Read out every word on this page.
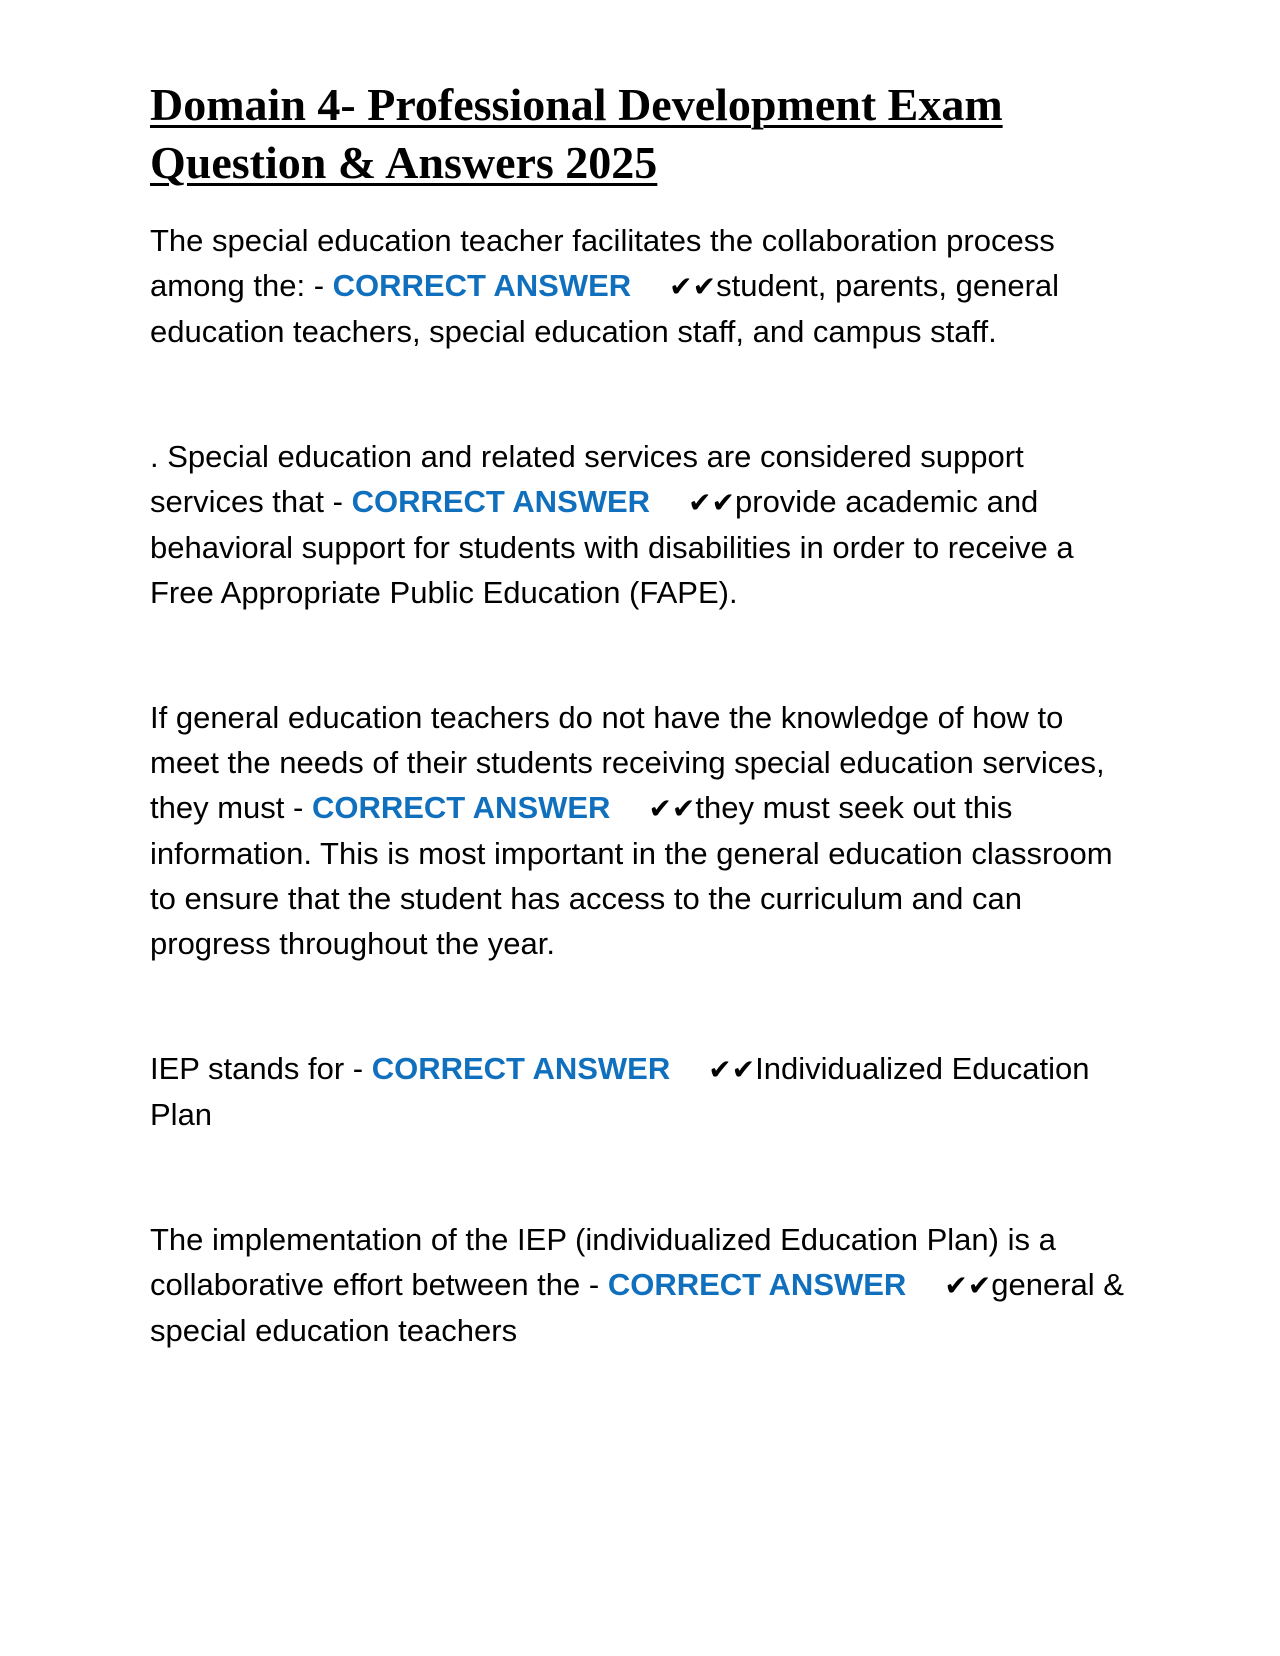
Domain 4- Professional Development Exam Question & Answers 2025

The special education teacher facilitates the collaboration process among the: - CORRECT ANSWER ✔✔student, parents, general education teachers, special education staff, and campus staff.

. Special education and related services are considered support services that - CORRECT ANSWER ✔✔provide academic and behavioral support for students with disabilities in order to receive a Free Appropriate Public Education (FAPE).

If general education teachers do not have the knowledge of how to meet the needs of their students receiving special education services, they must - CORRECT ANSWER ✔✔they must seek out this information. This is most important in the general education classroom to ensure that the student has access to the curriculum and can progress throughout the year.

IEP stands for - CORRECT ANSWER ✔✔Individualized Education Plan

The implementation of the IEP (individualized Education Plan) is a collaborative effort between the - CORRECT ANSWER ✔✔general & special education teachers
